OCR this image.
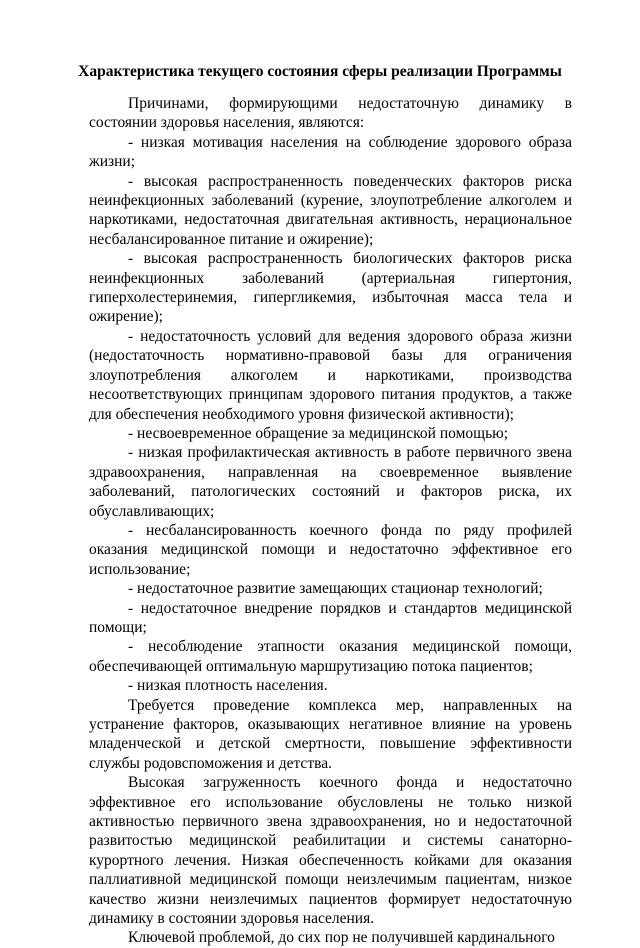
Характеристика текущего состояния сферы реализации Программы

Причинами, формирующими недостаточную динамику в состоянии здоровья населения, являются:

- низкая мотивация населения на соблюдение здорового образа жизни;

- высокая распространенность поведенческих факторов риска неинфекционных заболеваний (курение, злоупотребление алкоголем и наркотиками, недостаточная двигательная активность, нерациональное несбалансированное питание и ожирение);

- высокая распространенность биологических факторов риска неинфекционных заболеваний (артериальная гипертония, гиперхолестеринемия, гипергликемия, избыточная масса тела и ожирение);

- недостаточность условий для ведения здорового образа жизни (недостаточность нормативно-правовой базы для ограничения злоупотребления алкоголем и наркотиками, производства несоответствующих принципам здорового питания продуктов, а также для обеспечения необходимого уровня физической активности);

- несвоевременное обращение за медицинской помощью;

- низкая профилактическая активность в работе первичного звена здравоохранения, направленная на своевременное выявление заболеваний, патологических состояний и факторов риска, их обуславливающих;

- несбалансированность коечного фонда по ряду профилей оказания медицинской помощи и недостаточно эффективное его использование;

- недостаточное развитие замещающих стационар технологий;

- недостаточное внедрение порядков и стандартов медицинской помощи;

- несоблюдение этапности оказания медицинской помощи, обеспечивающей оптимальную маршрутизацию потока пациентов;

- низкая плотность населения.

Требуется проведение комплекса мер, направленных на устранение факторов, оказывающих негативное влияние на уровень младенческой и детской смертности, повышение эффективности службы родовспоможения и детства.

Высокая загруженность коечного фонда и недостаточно эффективное его использование обусловлены не только низкой активностью первичного звена здравоохранения, но и недостаточной развитостью медицинской реабилитации и системы санаторно-курортного лечения. Низкая обеспеченность койками для оказания паллиативной медицинской помощи неизлечимым пациентам, низкое качество жизни неизлечимых пациентов формирует недостаточную динамику в состоянии здоровья населения.

Ключевой проблемой, до сих пор не получившей кардинального
